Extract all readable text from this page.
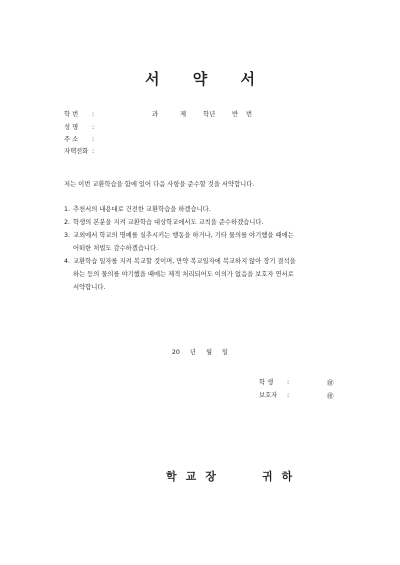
서 약 서
학 번 :	과	제	학년	반 번
성 명 :
주 소 :
자택전화 :
저는 이번 교환학습을 함에 있어 다음 사항을 준수할 것을 서약합니다.
1. 추천서의 내용대로 건전한 교환학습을 하겠습니다.
2. 학생의 본분을 지켜 교환학습 대상학교에서도 교칙을 준수하겠습니다.
3. 교외에서 학교의 명예를 실추시키는 행동을 하거나, 기타 물의를 야기했을 때에는
어떠한 처벌도 감수하겠습니다.
4. 교환학습 일자를 지켜 복교할 것이며, 만약 복교일자에 복교하지 않아 장기 결석을
하는 등의 물의를 야기했을 때에는 제적 처리되어도 이의가 없음을 보호자 연서로
서약합니다.
20 년 월 일
학 생 :	㊞
보호자 :	㊞
학교장	귀하
